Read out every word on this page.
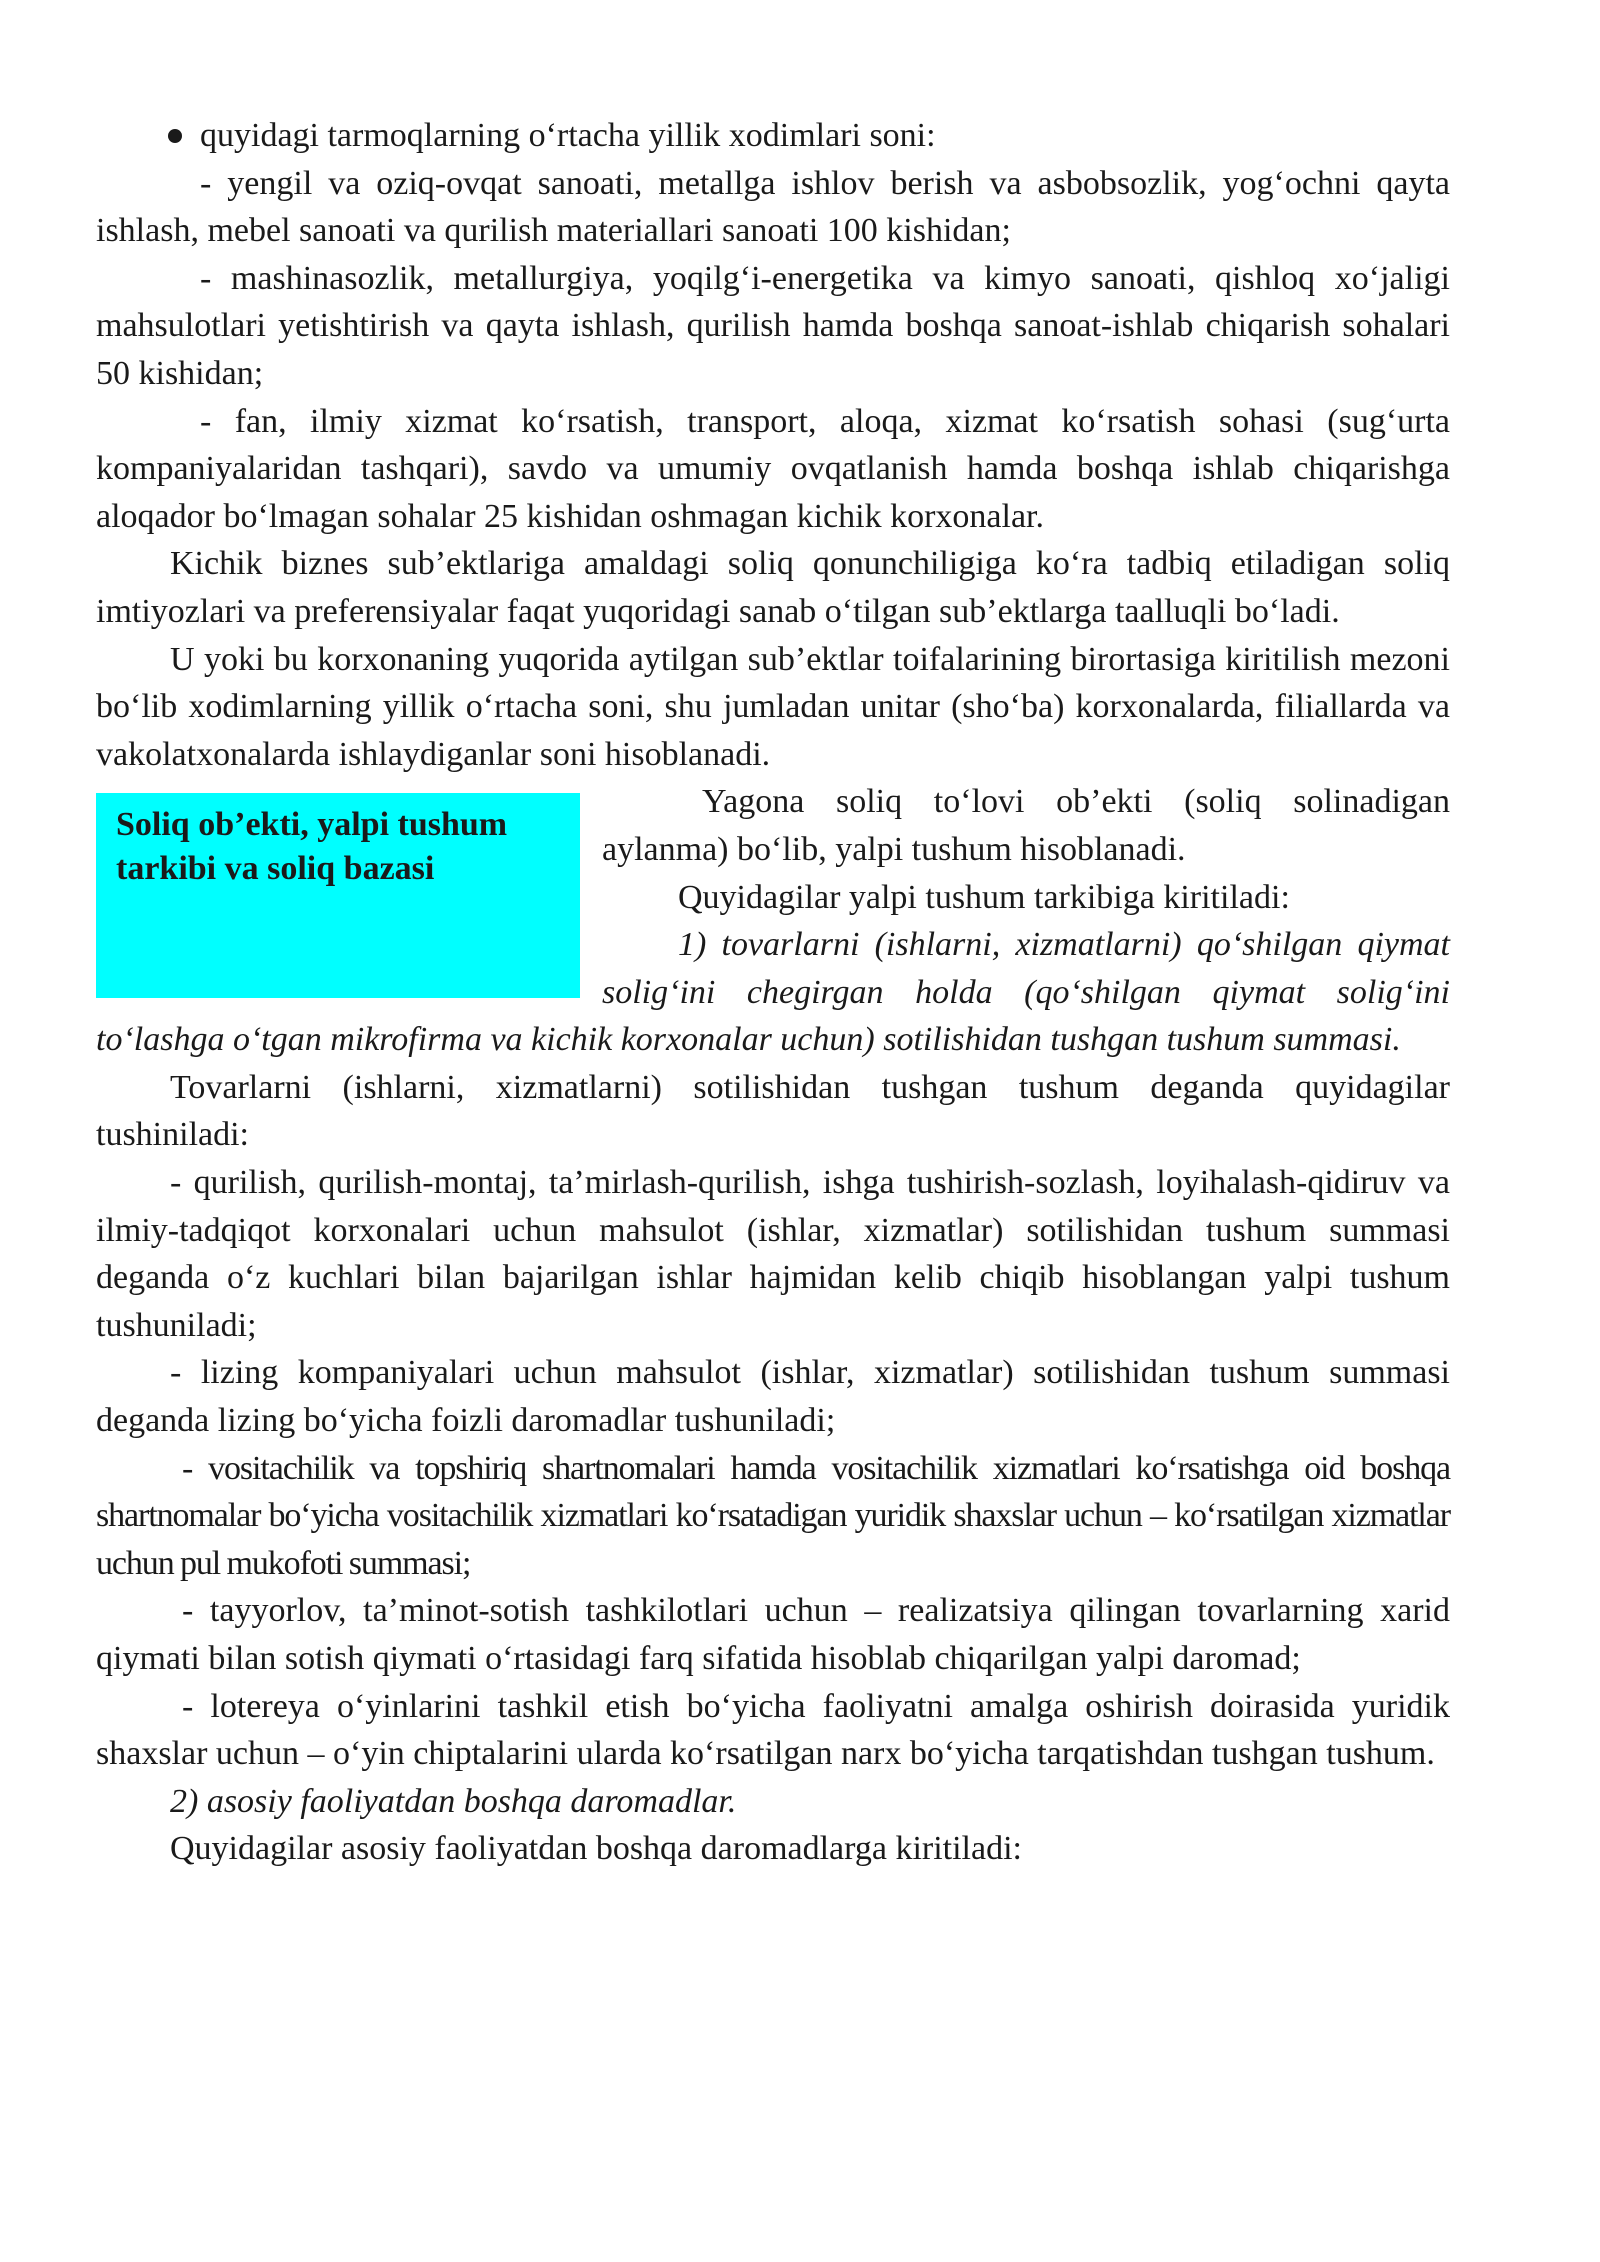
quyidagi tarmoqlarning o‘rtacha yillik xodimlari soni:

- yengil va oziq-ovqat sanoati, metallga ishlov berish va asbobsozlik, yog‘ochni qayta ishlash, mebel sanoati va qurilish materiallari sanoati 100 kishidan;

- mashinasozlik, metallurgiya, yoqilg‘i-energetika va kimyo sanoati, qishloq xo‘jaligi mahsulotlari yetishtirish va qayta ishlash, qurilish hamda boshqa sanoat-ishlab chiqarish sohalari 50 kishidan;

- fan, ilmiy xizmat ko‘rsatish, transport, aloqa, xizmat ko‘rsatish sohasi (sug‘urta kompaniyalaridan tashqari), savdo va umumiy ovqatlanish hamda boshqa ishlab chiqarishga aloqador bo‘lmagan sohalar 25 kishidan oshmagan kichik korxonalar.

Kichik biznes sub’ektlariga amaldagi soliq qonunchiligiga ko‘ra tadbiq etiladigan soliq imtiyozlari va preferensiyalar faqat yuqoridagi sanab o‘tilgan sub’ektlarga taalluqli bo‘ladi.

U yoki bu korxonaning yuqorida aytilgan sub’ektlar toifalarining birortasiga kiritilish mezoni bo‘lib xodimlarning yillik o‘rtacha soni, shu jumladan unitar (sho‘ba) korxonalarda, filiallarda va vakolatxonalarda ishlaydiganlar soni hisoblanadi.

Soliq ob’ekti, yalpi tushum tarkibi va soliq bazasi

Yagona soliq to‘lovi ob’ekti (soliq solinadigan aylanma) bo‘lib, yalpi tushum hisoblanadi.

Quyidagilar yalpi tushum tarkibiga kiritiladi:

1) tovarlarni (ishlarni, xizmatlarni) qo‘shilgan qiymat solig‘ini chegirgan holda (qo‘shilgan qiymat solig‘ini to‘lashga o‘tgan mikrofirma va kichik korxonalar uchun) sotilishidan tushgan tushum summasi.

Tovarlarni (ishlarni, xizmatlarni) sotilishidan tushgan tushum deganda quyidagilar tushiniladi:

- qurilish, qurilish-montaj, ta’mirlash-qurilish, ishga tushirish-sozlash, loyihalash-qidiruv va ilmiy-tadqiqot korxonalari uchun mahsulot (ishlar, xizmatlar) sotilishidan tushum summasi deganda o‘z kuchlari bilan bajarilgan ishlar hajmidan kelib chiqib hisoblangan yalpi tushum tushuniladi;

- lizing kompaniyalari uchun mahsulot (ishlar, xizmatlar) sotilishidan tushum summasi deganda lizing bo‘yicha foizli daromadlar tushuniladi;

- vositachilik va topshiriq shartnomalari hamda vositachilik xizmatlari ko‘rsatishga oid boshqa shartnomalar bo‘yicha vositachilik xizmatlari ko‘rsatadigan yuridik shaxslar uchun – ko‘rsatilgan xizmatlar uchun pul mukofoti summasi;

- tayyorlov, ta’minot-sotish tashkilotlari uchun – realizatsiya qilingan tovarlarning xarid qiymati bilan sotish qiymati o‘rtasidagi farq sifatida hisoblab chiqarilgan yalpi daromad;

- lotereya o‘yinlarini tashkil etish bo‘yicha faoliyatni amalga oshirish doirasida yuridik shaxslar uchun – o‘yin chiptalarini ularda ko‘rsatilgan narx bo‘yicha tarqatishdan tushgan tushum.

2) asosiy faoliyatdan boshqa daromadlar.

Quyidagilar asosiy faoliyatdan boshqa daromadlarga kiritiladi:
